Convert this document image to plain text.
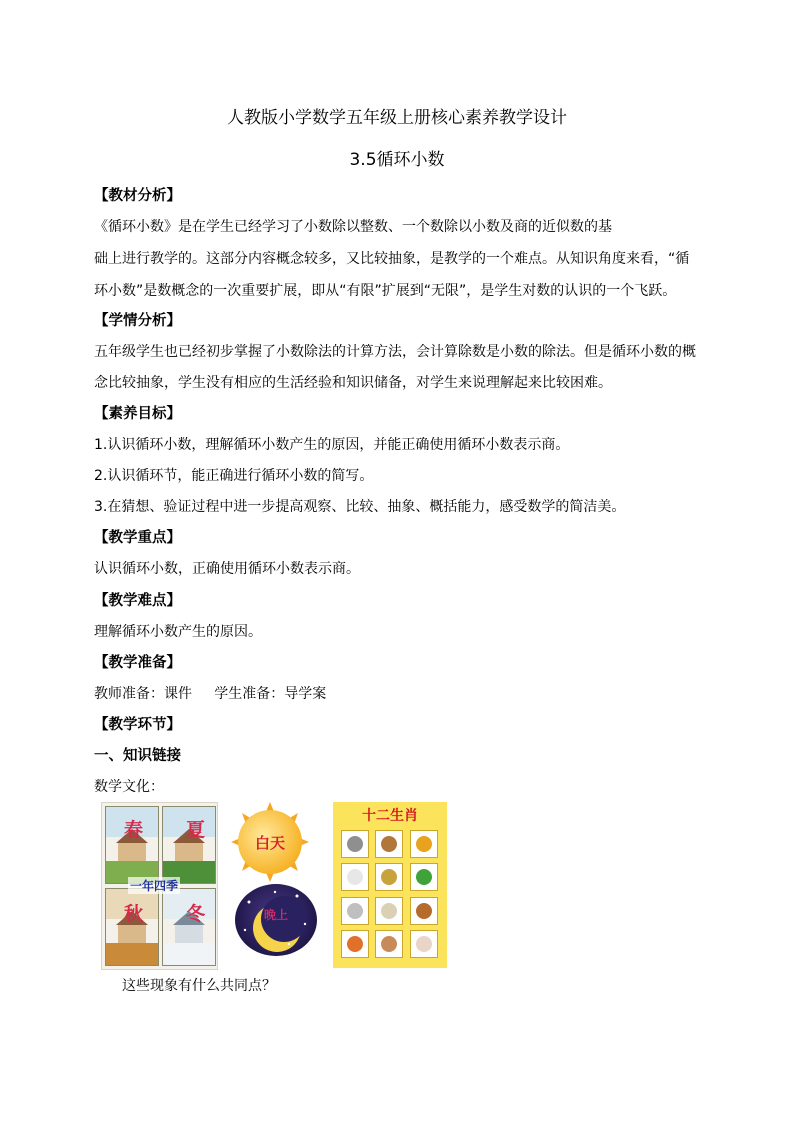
人教版小学数学五年级上册核心素养教学设计
3.5循环小数
【教材分析】
《循环小数》是在学生已经学习了小数除以整数、一个数除以小数及商的近似数的基
础上进行教学的。这部分内容概念较多，又比较抽象，是教学的一个难点。从知识角度来看，“循
环小数”是数概念的一次重要扩展，即从“有限”扩展到“无限”，是学生对数的认识的一个飞跃。
【学情分析】
五年级学生也已经初步掌握了小数除法的计算方法，会计算除数是小数的除法。但是循环小数的概
念比较抽象，学生没有相应的生活经验和知识储备，对学生来说理解起来比较困难。
【素养目标】
1.认识循环小数，理解循环小数产生的原因，并能正确使用循环小数表示商。
2.认识循环节，能正确进行循环小数的简写。
3.在猜想、验证过程中进一步提高观察、比较、抽象、概括能力，感受数学的简洁美。
【教学重点】
认识循环小数，正确使用循环小数表示商。
【教学难点】
理解循环小数产生的原因。
【教学准备】
教师准备：课件     学生准备：导学案
【教学环节】
一、知识链接
数学文化：
春 夏
秋 冬
一年四季
白天
晚上
十二生肖
这些现象有什么共同点？
